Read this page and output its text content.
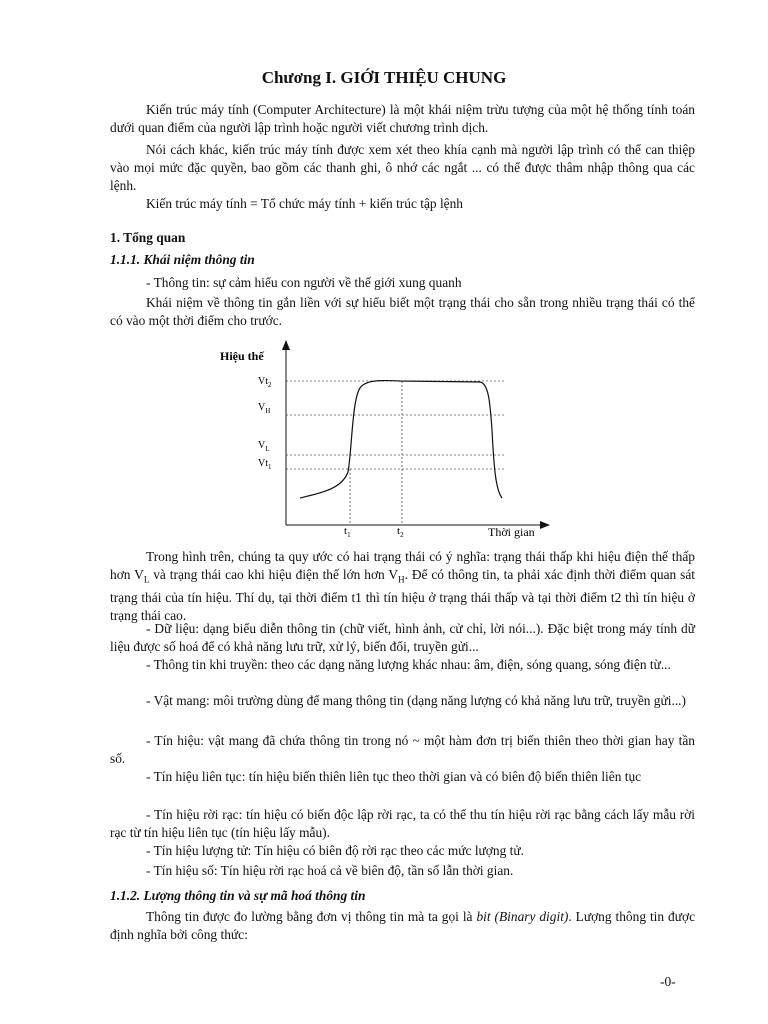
Chương I. GIỚI THIỆU CHUNG

Kiến trúc máy tính (Computer Architecture) là một khái niệm trừu tượng của một hệ thống tính toán dưới quan điểm của người lập trình hoặc người viết chương trình dịch.

Nói cách khác, kiến trúc máy tính được xem xét theo khía cạnh mà người lập trình có thể can thiệp vào mọi mức đặc quyền, bao gồm các thanh ghi, ô nhớ các ngắt ... có thể được thâm nhập thông qua các lệnh.

Kiến trúc máy tính = Tổ chức máy tính + kiến trúc tập lệnh

1. Tổng quan

1.1.1. Khái niệm thông tin

- Thông tin: sự cảm hiểu con người về thế giới xung quanh

Khái niệm về thông tin gắn liền với sự hiểu biết một trạng thái cho sẵn trong nhiều trạng thái có thể có vào một thời điểm cho trước.

Hiệu thế
Thời gian
$Vt_2$
$V_H$
$V_L$
$Vt_1$
$t_1$	$t_2$

Trong hình trên, chúng ta quy ước có hai trạng thái có ý nghĩa: trạng thái thấp khi hiệu điện thế thấp hơn $V_L$ và trạng thái cao khi hiệu điện thế lớn hơn $V_H$. Để có thông tin, ta phải xác định thời điểm quan sát trạng thái của tín hiệu. Thí dụ, tại thời điểm t1 thì tín hiệu ở trạng thái thấp và tại thời điểm t2 thì tín hiệu ở trạng thái cao.

- Dữ liệu: dạng biểu diễn thông tin (chữ viết, hình ảnh, cử chỉ, lời nói...). Đặc biệt trong máy tính dữ liệu được số hoá để có khả năng lưu trữ, xử lý, biến đổi, truyền gửi...

- Thông tin khi truyền: theo các dạng năng lượng khác nhau: âm, điện, sóng quang, sóng điện từ...

- Vật mang: môi trường dùng để mang thông tin (dạng năng lượng có khả năng lưu trữ, truyền gửi...)

- Tín hiệu: vật mang đã chứa thông tin trong nó ~ một hàm đơn trị biến thiên theo thời gian hay tần số.

- Tín hiệu liên tục: tín hiệu biến thiên liên tục theo thời gian và có biên độ biến thiên liên tục

- Tín hiệu rời rạc: tín hiệu có biến độc lập rời rạc, ta có thể thu tín hiệu rời rạc bằng cách lấy mẫu rời rạc từ tín hiệu liên tục (tín hiệu lấy mẫu).

- Tín hiệu lượng tử: Tín hiệu có biên độ rời rạc theo các mức lượng tử.

- Tín hiệu số: Tín hiệu rời rạc hoá cả về biên độ, tần số lẫn thời gian.

1.1.2. Lượng thông tin và sự mã hoá thông tin

Thông tin được đo lường bằng đơn vị thông tin mà ta gọi là bit (Binary digit). Lượng thông tin được định nghĩa bởi công thức:

-0-
